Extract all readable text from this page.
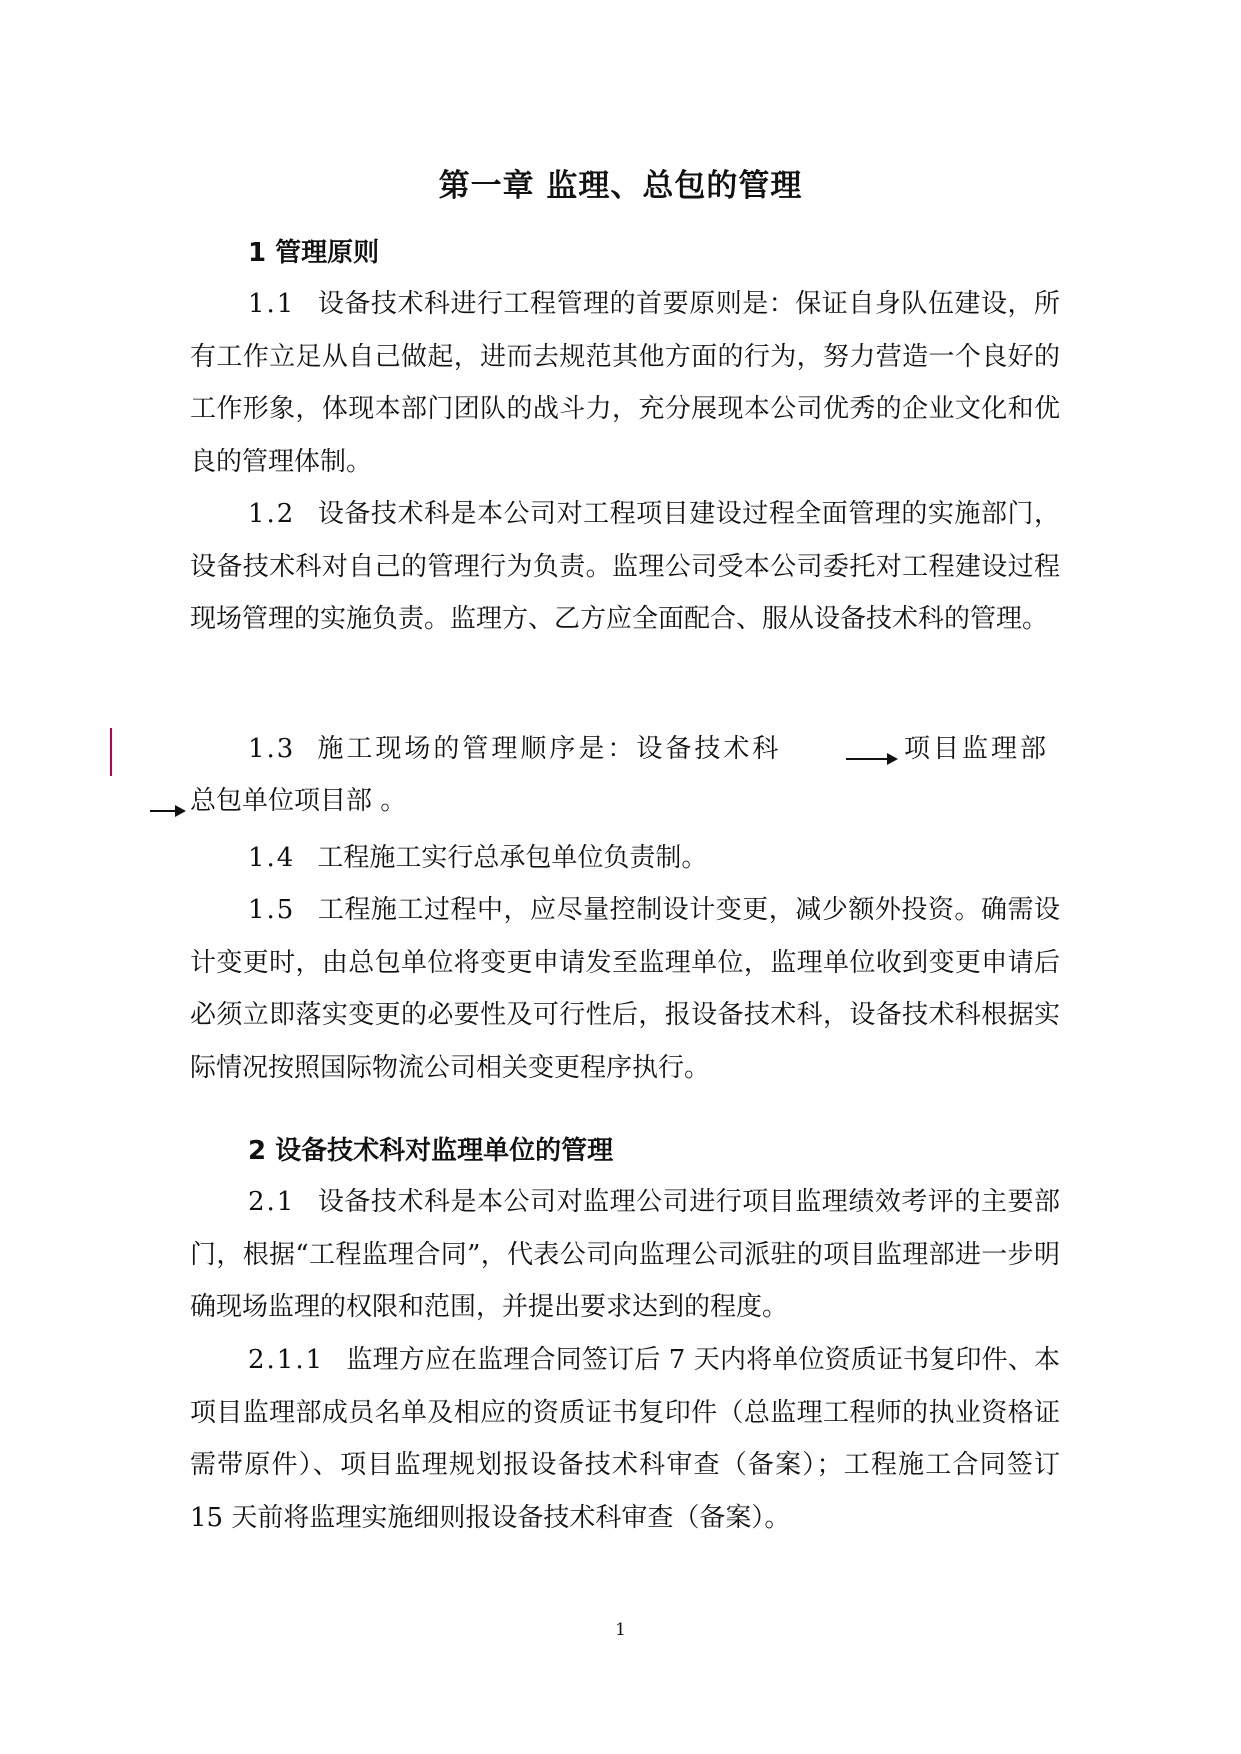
第一章 监理、总包的管理
1 管理原则

1.1 设备技术科进行工程管理的首要原则是：保证自身队伍建设，所有工作立足从自己做起，进而去规范其他方面的行为，努力营造一个良好的工作形象，体现本部门团队的战斗力，充分展现本公司优秀的企业文化和优良的管理体制。

1.2 设备技术科是本公司对工程项目建设过程全面管理的实施部门，设备技术科对自己的管理行为负责。监理公司受本公司委托对工程建设过程现场管理的实施负责。监理方、乙方应全面配合、服从设备技术科的管理。

1.3 施工现场的管理顺序是：设备技术科	项目监理部
总包单位项目部 。

1.4 工程施工实行总承包单位负责制。

1.5 工程施工过程中，应尽量控制设计变更，减少额外投资。确需设计变更时，由总包单位将变更申请发至监理单位，监理单位收到变更申请后必须立即落实变更的必要性及可行性后，报设备技术科，设备技术科根据实际情况按照国际物流公司相关变更程序执行。

2 设备技术科对监理单位的管理

2.1 设备技术科是本公司对监理公司进行项目监理绩效考评的主要部门，根据“工程监理合同”，代表公司向监理公司派驻的项目监理部进一步明确现场监理的权限和范围，并提出要求达到的程度。

2.1.1 监理方应在监理合同签订后 7 天内将单位资质证书复印件、本项目监理部成员名单及相应的资质证书复印件（总监理工程师的执业资格证需带原件）、项目监理规划报设备技术科审查（备案）；工程施工合同签订 15 天前将监理实施细则报设备技术科审查（备案）。

1
